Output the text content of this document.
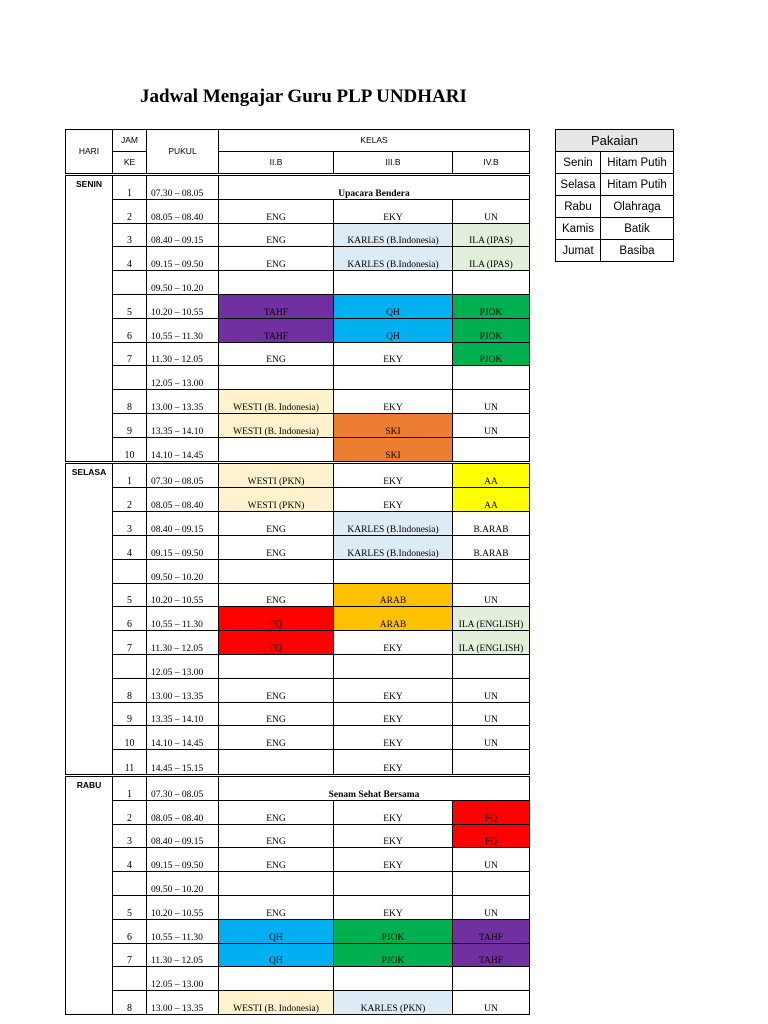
Jadwal Mengajar Guru PLP UNDHARI
HARI	JAM	PUKUL	KELAS		
	KE		II.B	III.B	IV.B
SENIN	1	07.30 – 08.05	Upacara Bendera		
	2	08.05 – 08.40	ENG	EKY	UN
	3	08.40 – 09.15	ENG	KARLES (B.Indonesia)	ILA (IPAS)
	4	09.15 – 09.50	ENG	KARLES (B.Indonesia)	ILA (IPAS)
		09.50 – 10.20			
	5	10.20 – 10.55	TAHF	QH	PJOK
	6	10.55 – 11.30	TAHF	QH	PJOK
	7	11.30 – 12.05	ENG	EKY	PJOK
		12.05 – 13.00			
	8	13.00 – 13.35	WESTI (B. Indonesia)	EKY	UN
	9	13.35 – 14.10	WESTI (B. Indonesia)	SKI	UN
	10	14.10 – 14.45		SKI	
SELASA	1	07.30 – 08.05	WESTI (PKN)	EKY	AA
	2	08.05 – 08.40	WESTI (PKN)	EKY	AA
	3	08.40 – 09.15	ENG	KARLES (B.Indonesia)	B.ARAB
	4	09.15 – 09.50	ENG	KARLES (B.Indonesia)	B.ARAB
		09.50 – 10.20			
	5	10.20 – 10.55	ENG	ARAB	UN
	6	10.55 – 11.30	FQ	ARAB	ILA (ENGLISH)
	7	11.30 – 12.05	FQ	EKY	ILA (ENGLISH)
		12.05 – 13.00			
	8	13.00 – 13.35	ENG	EKY	UN
	9	13.35 – 14.10	ENG	EKY	UN
	10	14.10 – 14.45	ENG	EKY	UN
	11	14.45 – 15.15		EKY	
RABU	1	07.30 – 08.05	Senam Sehat Bersama		
	2	08.05 – 08.40	ENG	EKY	FQ
	3	08.40 – 09.15	ENG	EKY	FQ
	4	09.15 – 09.50	ENG	EKY	UN
		09.50 – 10.20			
	5	10.20 – 10.55	ENG	EKY	UN
	6	10.55 – 11.30	QH	PJOK	TAHF
	7	11.30 – 12.05	QH	PJOK	TAHF
		12.05 – 13.00			
	8	13.00 – 13.35	WESTI (B. Indonesia)	KARLES (PKN)	UN
Pakaian	
Senin	Hitam Putih
Selasa	Hitam Putih
Rabu	Olahraga
Kamis	Batik
Jumat	Basiba
